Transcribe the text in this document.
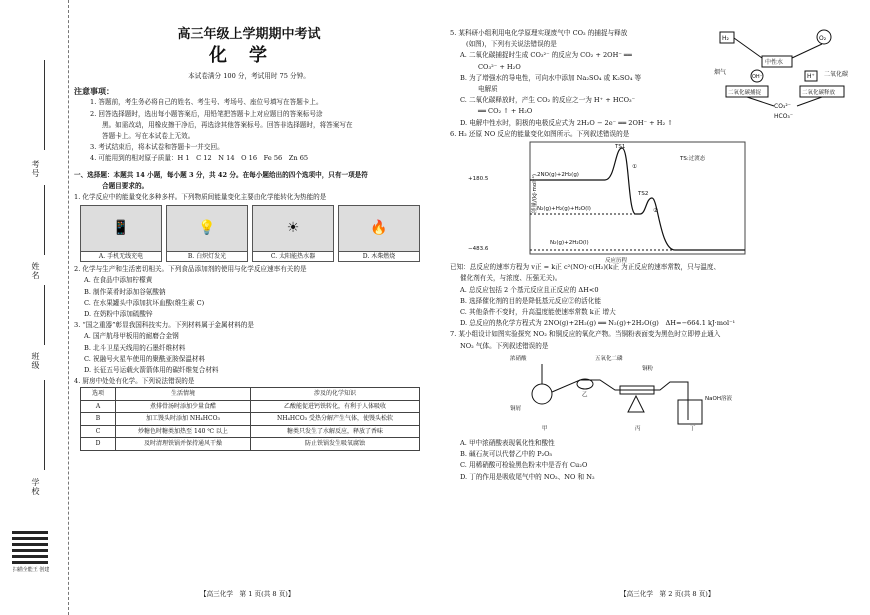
考号
姓名
班级
学校
扫描全能王 创建
高三年级上学期期中考试
化学
本试卷满分 100 分，考试用时 75 分钟。
注意事项：
1. 答题前，考生务必将自己的姓名、考生号、考场号、座位号填写在答题卡上。
2. 回答选择题时，选出每小题答案后，用铅笔把答题卡上对应题目的答案标号涂
黑。如需改动，用橡皮擦干净后，再选涂其他答案标号。回答非选择题时，将答案写在
答题卡上。写在本试卷上无效。
3. 考试结束后，将本试卷和答题卡一并交回。
4. 可能用到的相对原子质量：H 1　C 12　N 14　O 16　Fe 56　Zn 65
一、选择题：本题共 14 小题，每小题 3 分，共 42 分。在每小题给出的四个选项中，只有一项是符
合题目要求的。
1. 化学反应中的能量变化多种多样。下列物质间能量变化主要由化学能转化为热能的是
📱
A. 手机无线充电
💡
B. 白炽灯发光
☀
C. 太阳能热水器
🔥
D. 木柴燃烧
2. 化学与生产和生活密切相关。下列食品添加剂的使用与化学反应速率有关的是
A. 在食品中添加柠檬黄
B. 制作菜肴时添加谷氨酸钠
C. 在水果罐头中添加抗坏血酸(维生素 C)
D. 在奶粉中添加硫酸锌
3. “国之重器”彰显我国科技实力。下列材料属于金属材料的是
A. 国产航母甲板用的耐磨合金钢
B. 北斗卫星天线用的石墨纤维材料
C. 祝融号火星车使用的聚酰亚胺保温材料
D. 长征五号运载火箭箭体用的碳纤维复合材料
4. 厨房中处处有化学。下列说法错误的是
选项	生活情境	涉及的化学知识
A	煮排骨汤时添加少量食醋	乙酸能促进钙铁转化，有利于人体吸收
B	加工馒头时添加 NH₄HCO₃	NH₄HCO₃ 受热分解产生气体，使馒头松软
C	炒糖色时糖类加热至 140 ℃ 以上	糖类只发生了水解反应，释放了香味
D	及时清理铁锅并保持通风干燥	防止铁锅发生吸氧腐蚀
5. 某科研小组利用电化学原理实现废气中 CO₂ 的捕捉与释放
(如图)，下列有关说法错误的是
A. 二氧化碳捕捉时生成 CO₃²⁻ 的反应为 CO₂ + 2OH⁻ ══
CO₃²⁻ + H₂O
B. 为了增强水的导电性，可向水中添加 Na₂SO₄ 或 K₂SO₄ 等
电解质
C. 二氧化碳释放时，产生 CO₂ 的反应之一为 H⁺ + HCO₃⁻
══ CO₂ ↑ + H₂O
D. 电解中性水时，阴极的电极反应式为 2H₂O − 2e⁻ ══ 2OH⁻ + H₂ ↑
H₂	O₂
中性水
OH⁻	H⁺
烟气	二氧化碳
二氧化碳捕捉	二氧化碳释放
CO₃²⁻
HCO₃⁻
6. H₂ 还原 NO 反应的能量变化如图所示。下列叙述错误的是
能量/(kJ·mol⁻¹)
+180.5
−483.6
反应历程
TS:过渡态
TS1
TS2
①
②
2NO(g)+2H₂(g)
N₂(g)+H₂(g)+H₂O(l)
N₂(g)+2H₂O(l)
已知：总反应的速率方程为 v正 = k正 c²(NO)·c(H₂)(k正 为正反应的速率常数，只与温度、
催化剂有关，与浓度、压强无关)。
A. 总反应包括 2 个基元反应且正反应的 ΔH<0
B. 选择催化剂的目的是降低基元反应②的活化能
C. 其他条件不变时，升高温度能使速率常数 k正 增大
D. 总反应的热化学方程式为 2NO(g)+2H₂(g) ══ N₂(g)+2H₂O(g)　ΔH=−664.1 kJ·mol⁻¹
7. 某小组设计如图实验探究 NO₂ 和铜反应的氧化产物。当铜粉表面变为黑色时立即停止通入
NO₂ 气体。下列叙述错误的是
浓硝酸
铜屑
五氧化二磷
铜粉
NaOH溶液
甲
乙
丙	丁
A. 甲中浓硝酸表现氧化性和酸性
B. 碱石灰可以代替乙中的 P₂O₅
C. 用稀硝酸可检验黑色粉末中是否有 Cu₂O
D. 丁的作用是吸收尾气中的 NO₂、NO 和 N₂
【高三化学　第 1 页(共 8 页)】	【高三化学　第 2 页(共 8 页)】
